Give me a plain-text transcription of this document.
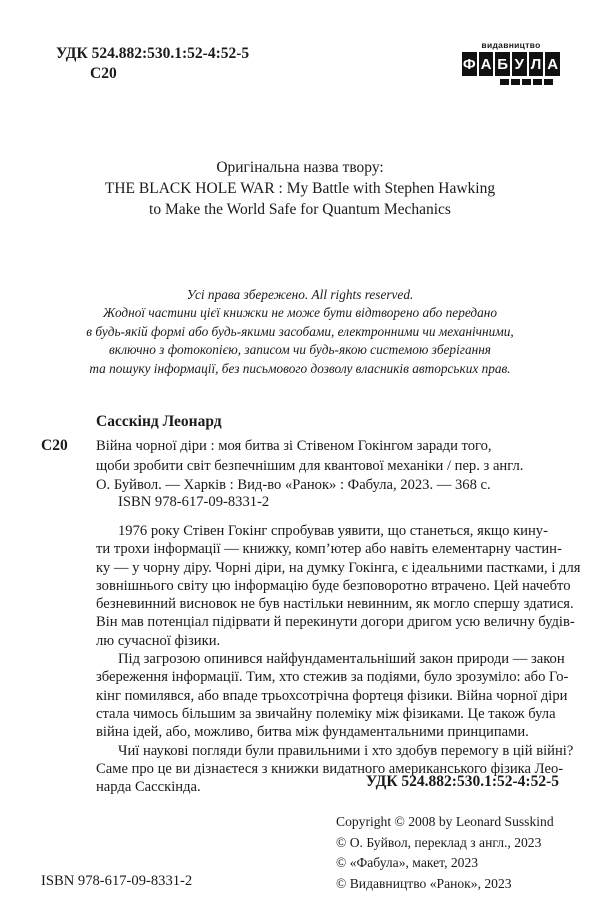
УДК 524.882:530.1:52-4:52-5
С20
видавництво
Ф А Б У Л А
Оригінальна назва твору:
THE BLACK HOLE WAR : My Battle with Stephen Hawking
to Make the World Safe for Quantum Mechanics
Усі права збережено. All rights reserved.
Жодної частини цієї книжки не може бути відтворено або передано
в будь-якій формі або будь-якими засобами, електронними чи механічними,
включно з фотокопією, записом чи будь-якою системою зберігання
та пошуку інформації, без письмового дозволу власників авторських прав.
Сасскінд Леонард
С20 Війна чорної діри : моя битва зі Стівеном Гокінгом заради того,
щоби зробити світ безпечнішим для квантової механіки / пер. з англ.
О. Буйвол. — Харків : Вид-во «Ранок» : Фабула, 2023. — 368 с.
ISBN 978-617-09-8331-2
1976 року Стівен Гокінг спробував уявити, що станеться, якщо кину-
ти трохи інформації — книжку, комп’ютер або навіть елементарну частин-
ку — у чорну діру. Чорні діри, на думку Гокінга, є ідеальними пастками, і для
зовнішнього світу цю інформацію буде безповоротно втрачено. Цей начебто
безневинний висновок не був настільки невинним, як могло спершу здатися.
Він мав потенціал підірвати й перекинути догори дригом усю величну будів-
лю сучасної фізики.
Під загрозою опинився найфундаментальніший закон природи — закон
збереження інформації. Тим, хто стежив за подіями, було зрозуміло: або Го-
кінг помилявся, або впаде трьохсотрічна фортеця фізики. Війна чорної діри
стала чимось більшим за звичайну полеміку між фізиками. Це також була
війна ідей, або, можливо, битва між фундаментальними принципами.
Чиї наукові погляди були правильними і хто здобув перемогу в цій війні?
Саме про це ви дізнаєтеся з книжки видатного американського фізика Лео-
нарда Сасскінда.	УДК 524.882:530.1:52-4:52-5
Copyright © 2008 by Leonard Susskind
© О. Буйвол, переклад з англ., 2023
© «Фабула», макет, 2023
© Видавництво «Ранок», 2023
ISBN 978-617-09-8331-2
